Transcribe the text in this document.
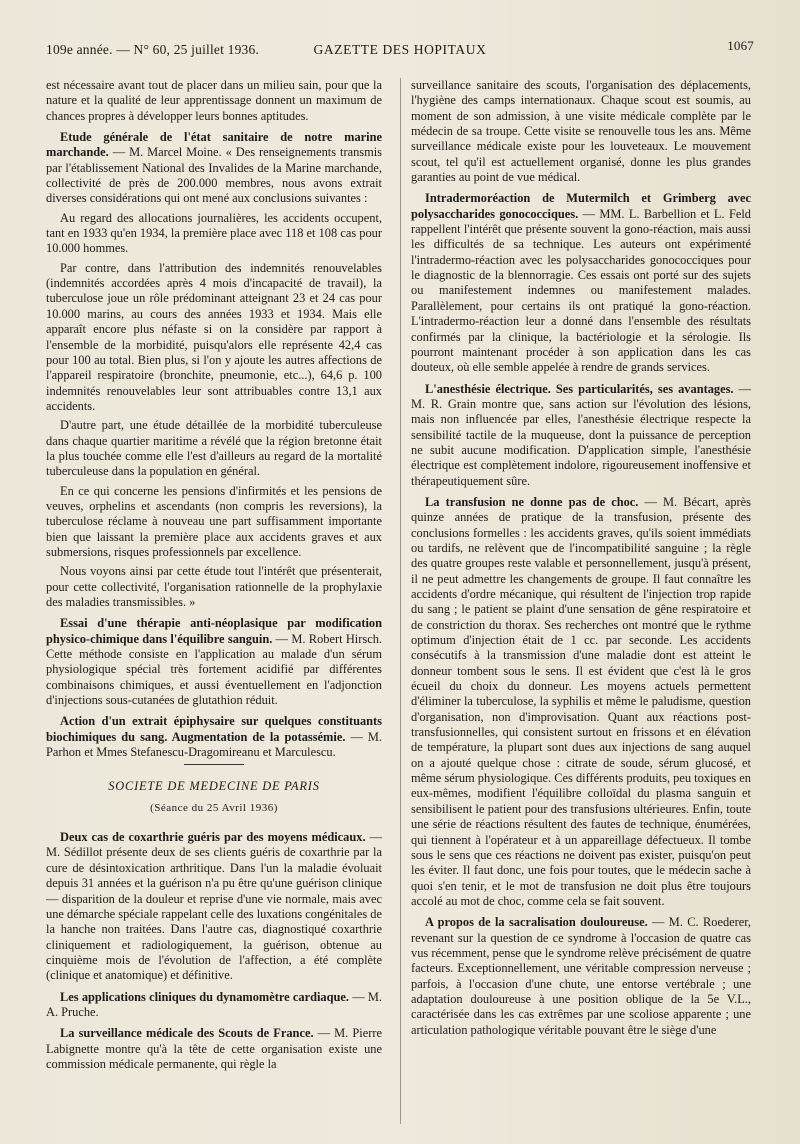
109e année. — N° 60, 25 juillet 1936.	GAZETTE DES HOPITAUX	1067

est nécessaire avant tout de placer dans un milieu sain, pour que la nature et la qualité de leur apprentissage donnent un maximum de chances propres à développer leurs bonnes aptitudes.

Etude générale de l'état sanitaire de notre marine marchande. — M. Marcel Moine. « Des renseignements transmis par l'établissement National des Invalides de la Marine marchande, collectivité de près de 200.000 membres, nous avons extrait diverses considérations qui ont mené aux conclusions suivantes :

Au regard des allocations journalières, les accidents occupent, tant en 1933 qu'en 1934, la première place avec 118 et 108 cas pour 10.000 hommes.

Par contre, dans l'attribution des indemnités renouvelables (indemnités accordées après 4 mois d'incapacité de travail), la tuberculose joue un rôle prédominant atteignant 23 et 24 cas pour 10.000 marins, au cours des années 1933 et 1934. Mais elle apparaît encore plus néfaste si on la considère par rapport à l'ensemble de la morbidité, puisqu'alors elle représente 42,4 cas pour 100 au total. Bien plus, si l'on y ajoute les autres affections de l'appareil respiratoire (bronchite, pneumonie, etc...), 64,6 p. 100 indemnités renouvelables leur sont attribuables contre 13,1 aux accidents.

D'autre part, une étude détaillée de la morbidité tuberculeuse dans chaque quartier maritime a révélé que la région bretonne était la plus touchée comme elle l'est d'ailleurs au regard de la mortalité tuberculeuse dans la population en général.

En ce qui concerne les pensions d'infirmités et les pensions de veuves, orphelins et ascendants (non compris les reversions), la tuberculose réclame à nouveau une part suffisamment importante bien que laissant la première place aux accidents graves et aux submersions, risques professionnels par excellence.

Nous voyons ainsi par cette étude tout l'intérêt que présenterait, pour cette collectivité, l'organisation rationnelle de la prophylaxie des maladies transmissibles. »

Essai d'une thérapie anti-néoplasique par modification physico-chimique dans l'équilibre sanguin. — M. Robert Hirsch. Cette méthode consiste en l'application au malade d'un sérum physiologique spécial très fortement acidifié par différentes combinaisons chimiques, et aussi éventuellement en l'adjonction d'injections sous-cutanées de glutathion réduit.

Action d'un extrait épiphysaire sur quelques constituants biochimiques du sang. Augmentation de la potassémie. — M. Parhon et Mmes Stefanescu-Dragomireanu et Marculescu.

SOCIETE DE MEDECINE DE PARIS

(Séance du 25 Avril 1936)

Deux cas de coxarthrie guéris par des moyens médicaux. — M. Sédillot présente deux de ses clients guéris de coxarthrie par la cure de désintoxication arthritique. Dans l'un la maladie évoluait depuis 31 années et la guérison n'a pu être qu'une guérison clinique — disparition de la douleur et reprise d'une vie normale, mais avec une démarche spéciale rappelant celle des luxations congénitales de la hanche non traitées. Dans l'autre cas, diagnostiqué coxarthrie cliniquement et radiologiquement, la guérison, obtenue au cinquième mois de l'évolution de l'affection, a été complète (clinique et anatomique) et définitive.

Les applications cliniques du dynamomètre cardiaque. — M. A. Pruche.

La surveillance médicale des Scouts de France. — M. Pierre Labignette montre qu'à la tête de cette organisation existe une commission médicale permanente, qui règle la

surveillance sanitaire des scouts, l'organisation des déplacements, l'hygiène des camps internationaux. Chaque scout est soumis, au moment de son admission, à une visite médicale complète par le médecin de sa troupe. Cette visite se renouvelle tous les ans. Même surveillance médicale existe pour les louveteaux. Le mouvement scout, tel qu'il est actuellement organisé, donne les plus grandes garanties au point de vue médical.

Intradermoréaction de Mutermilch et Grimberg avec polysaccharides gonococciques. — MM. L. Barbellion et L. Feld rappellent l'intérêt que présente souvent la gono-réaction, mais aussi les difficultés de sa technique. Les auteurs ont expérimenté l'intradermo-réaction avec les polysaccharides gonococciques pour le diagnostic de la blennorragie. Ces essais ont porté sur des sujets ou manifestement indemnes ou manifestement malades. Parallèlement, pour certains ils ont pratiqué la gono-réaction. L'intradermo-réaction leur a donné dans l'ensemble des résultats confirmés par la clinique, la bactériologie et la sérologie. Ils pourront maintenant procéder à son application dans les cas douteux, où elle semble appelée à rendre de grands services.

L'anesthésie électrique. Ses particularités, ses avantages. — M. R. Grain montre que, sans action sur l'évolution des lésions, mais non influencée par elles, l'anesthésie électrique respecte la sensibilité tactile de la muqueuse, dont la puissance de perception ne subit aucune modification. D'application simple, l'anesthésie électrique est complètement indolore, rigoureusement inoffensive et thérapeutiquement sûre.

La transfusion ne donne pas de choc. — M. Bécart, après quinze années de pratique de la transfusion, présente des conclusions formelles : les accidents graves, qu'ils soient immédiats ou tardifs, ne relèvent que de l'incompatibilité sanguine ; la règle des quatre groupes reste valable et personnellement, jusqu'à présent, il ne peut admettre les changements de groupe. Il faut connaître les accidents d'ordre mécanique, qui résultent de l'injection trop rapide du sang ; le patient se plaint d'une sensation de gêne respiratoire et de constriction du thorax. Ses recherches ont montré que le rythme optimum d'injection était de 1 cc. par seconde. Les accidents consécutifs à la transmission d'une maladie dont est atteint le donneur tombent sous le sens. Il est évident que c'est là le gros écueil du choix du donneur. Les moyens actuels permettent d'éliminer la tuberculose, la syphilis et même le paludisme, question d'organisation, non d'improvisation. Quant aux réactions post-transfusionnelles, qui consistent surtout en frissons et en élévation de température, la plupart sont dues aux injections de sang auquel on a ajouté quelque chose : citrate de soude, sérum glucosé, et même sérum physiologique. Ces différents produits, peu toxiques en eux-mêmes, modifient l'équilibre colloïdal du plasma sanguin et sensibilisent le patient pour des transfusions ultérieures. Enfin, toute une série de réactions résultent des fautes de technique, énumérées, qui tiennent à l'opérateur et à un appareillage défectueux. Il tombe sous le sens que ces réactions ne doivent pas exister, puisqu'on peut les éviter. Il faut donc, une fois pour toutes, que le médecin sache à quoi s'en tenir, et le mot de transfusion ne doit plus être toujours accolé au mot de choc, comme cela se fait souvent.

A propos de la sacralisation douloureuse. — M. C. Roederer, revenant sur la question de ce syndrome à l'occasion de quatre cas vus récemment, pense que le syndrome relève précisément de quatre facteurs. Exceptionnellement, une véritable compression nerveuse ; parfois, à l'occasion d'une chute, une entorse vertébrale ; une adaptation douloureuse à une position oblique de la 5e V.L., caractérisée dans les cas extrêmes par une scoliose apparente ; une articulation pathologique véritable pouvant être le siège d'une
